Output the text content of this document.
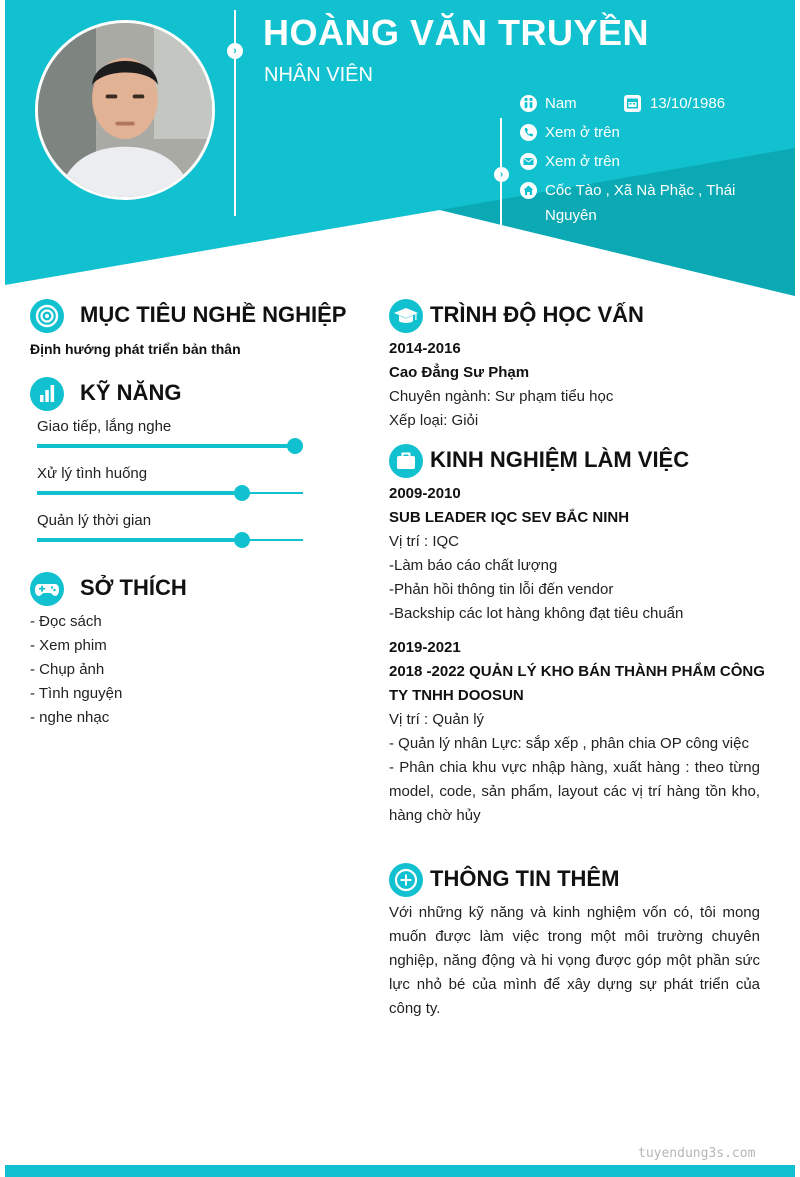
› HOÀNG VĂN TRUYỀN
NHÂN VIÊN
›
Nam	13/10/1986
Xem ở trên
Xem ở trên
Cốc Tào , Xã Nà Phặc , Thái
Nguyên
MỤC TIÊU NGHỀ NGHIỆP
Định hướng phát triển bản thân
KỸ NĂNG
Giao tiếp, lắng nghe
Xử lý tình huống
Quản lý thời gian
SỞ THÍCH
- Đọc sách
- Xem phim
- Chụp ảnh
- Tình nguyện
- nghe nhạc
TRÌNH ĐỘ HỌC VẤN
2014-2016
Cao Đẳng Sư Phạm
Chuyên ngành: Sư phạm tiểu học
Xếp loại: Giỏi
KINH NGHIỆM LÀM VIỆC
2009-2010
SUB LEADER IQC SEV BẮC NINH
Vị trí : IQC
-Làm báo cáo chất lượng
-Phản hồi thông tin lỗi đến vendor
-Backship các lot hàng không đạt tiêu chuẩn
2019-2021
2018 -2022 QUẢN LÝ KHO BÁN THÀNH PHẨM CÔNG
TY TNHH DOOSUN
Vị trí : Quản lý
- Quản lý nhân Lực: sắp xếp , phân chia OP công việc
- Phân chia khu vực nhập hàng, xuất hàng : theo từng model, code, sản phẩm, layout các vị trí hàng tồn kho, hàng chờ hủy
THÔNG TIN THÊM
Với những kỹ năng và kinh nghiệm vốn có, tôi mong muốn được làm việc trong một môi trường chuyên nghiệp, năng động và hi vọng được góp một phần sức lực nhỏ bé của mình để xây dựng sự phát triển của công ty.
tuyendung3s.com
